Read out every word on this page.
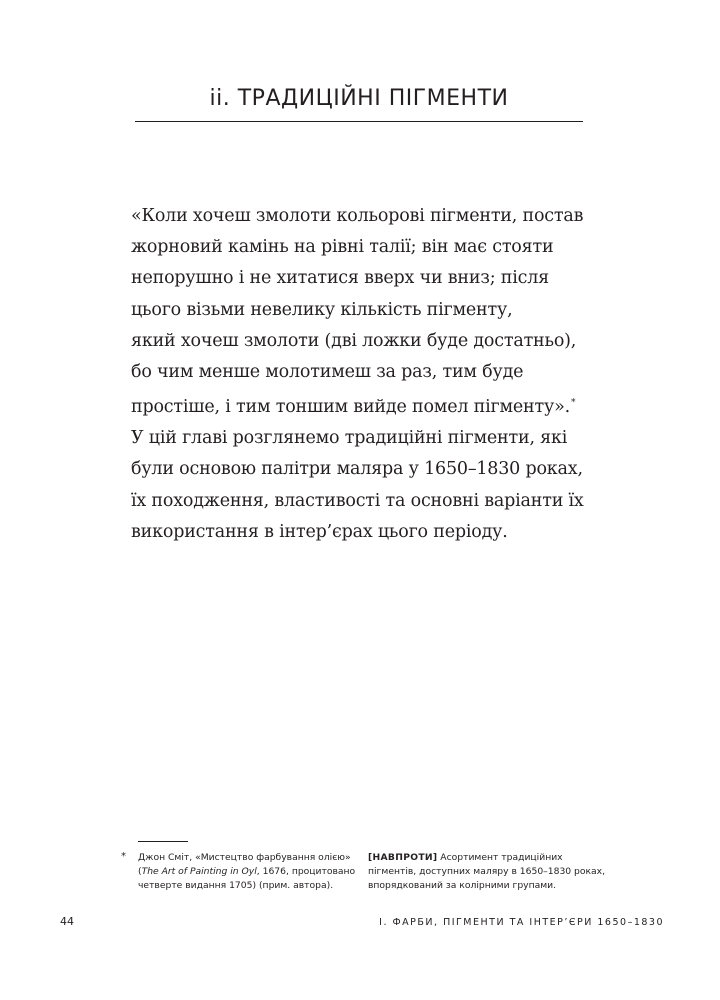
ii. ТРАДИЦІЙНІ ПІГМЕНТИ
«Коли хочеш змолоти кольорові пігменти, постав
жорновий камінь на рівні талії; він має стояти
непорушно і не хитатися вверх чи вниз; після
цього візьми невелику кількість пігменту,
який хочеш змолоти (дві ложки буде достатньо),
бо чим менше молотимеш за раз, тим буде
простіше, і тим тоншим вийде помел пігменту».*
У цій главі розглянемо традиційні пігменти, які
були основою палітри маляра у 1650–1830 роках,
їх походження, властивості та основні варіанти їх
використання в інтер’єрах цього періоду.
* Джон Сміт, «Мистецтво фарбування олією»
(The Art of Painting in Oyl, 1676, процитовано
четверте видання 1705) (прим. автора).
[НАВПРОТИ] Асортимент традиційних
пігментів, доступних маляру в 1650–1830 роках,
впорядкований за колірними групами.
44	I. ФАРБИ, ПІГМЕНТИ ТА ІНТЕР’ЄРИ 1650–1830
